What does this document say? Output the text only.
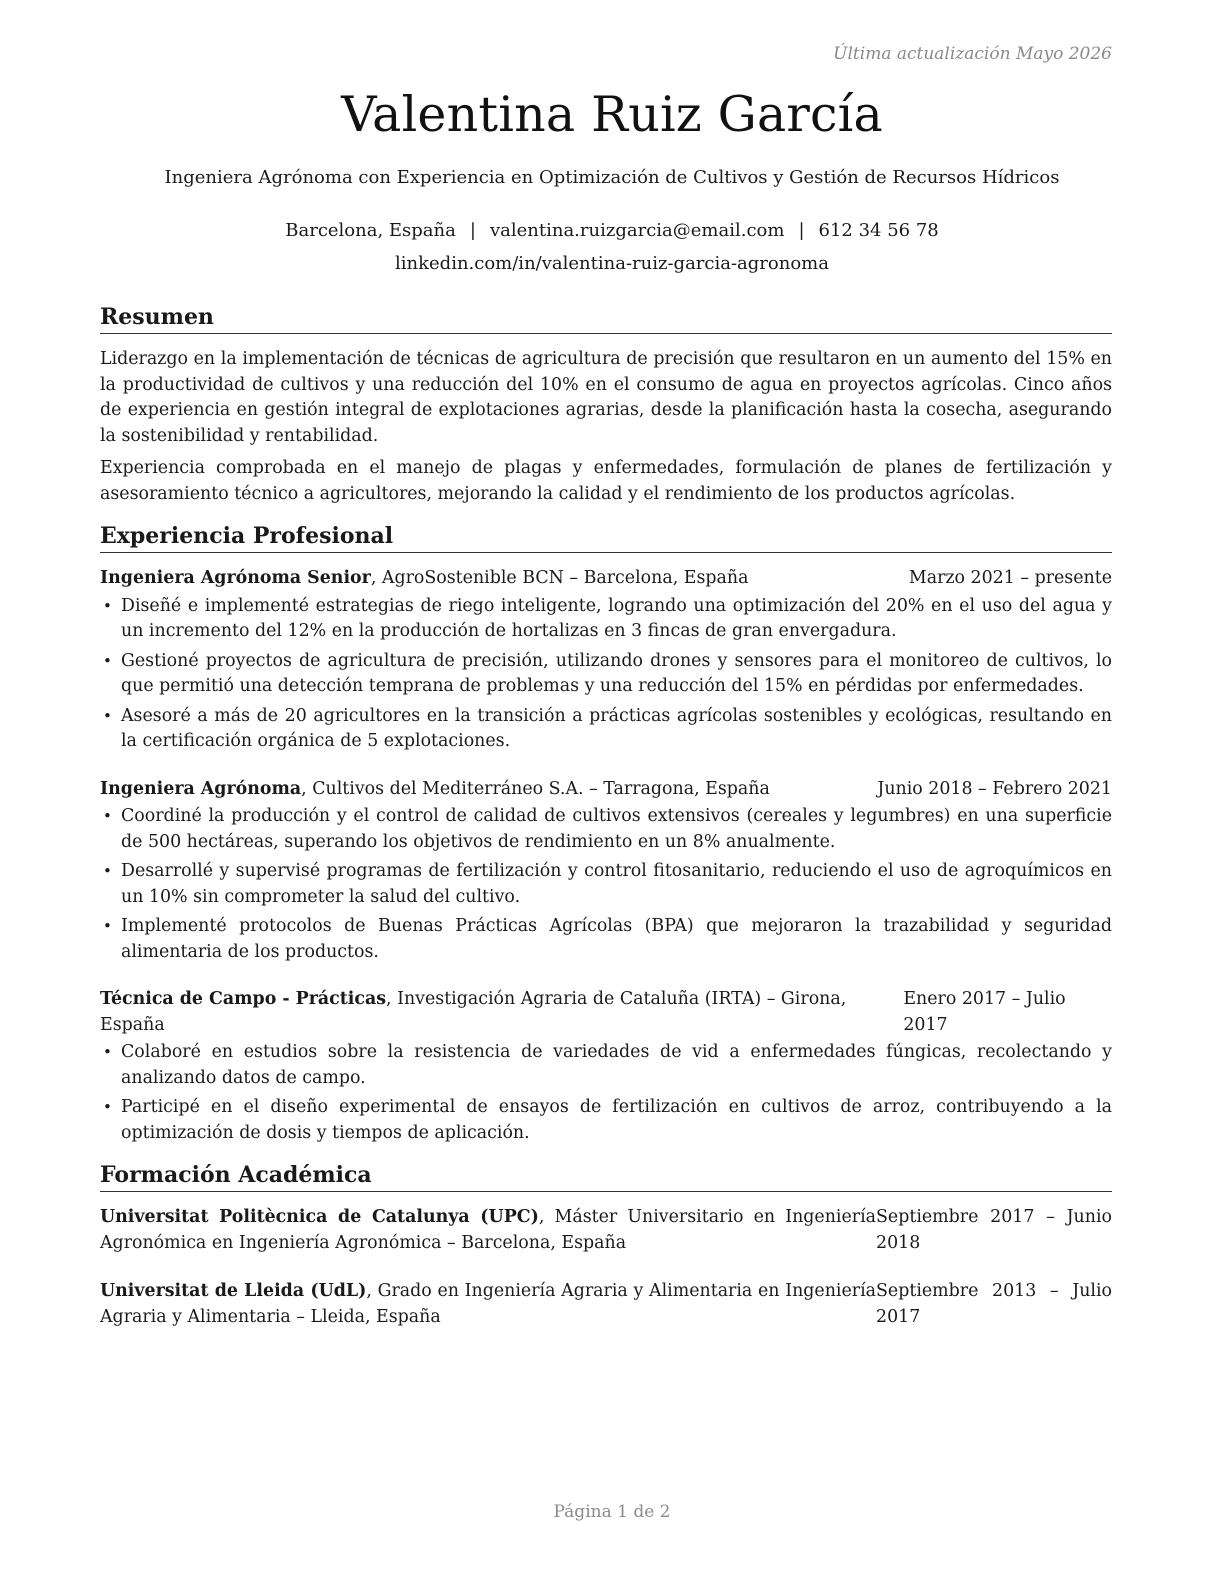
Última actualización Mayo 2026
Valentina Ruiz García
Ingeniera Agrónoma con Experiencia en Optimización de Cultivos y Gestión de Recursos Hídricos
Barcelona, España | valentina.ruizgarcia@email.com | 612 34 56 78
linkedin.com/in/valentina-ruiz-garcia-agronoma
Resumen

Liderazgo en la implementación de técnicas de agricultura de precisión que resultaron en un aumento del 15% en la productividad de cultivos y una reducción del 10% en el consumo de agua en proyectos agrícolas. Cinco años de experiencia en gestión integral de explotaciones agrarias, desde la planificación hasta la cosecha, asegurando la sostenibilidad y rentabilidad.

Experiencia comprobada en el manejo de plagas y enfermedades, formulación de planes de fertilización y asesoramiento técnico a agricultores, mejorando la calidad y el rendimiento de los productos agrícolas.

Experiencia Profesional
Ingeniera Agrónoma Senior, AgroSostenible BCN – Barcelona, España	Marzo 2021 – presente
• Diseñé e implementé estrategias de riego inteligente, logrando una optimización del 20% en el uso del agua y un incremento del 12% en la producción de hortalizas en 3 fincas de gran envergadura.
• Gestioné proyectos de agricultura de precisión, utilizando drones y sensores para el monitoreo de cultivos, lo que permitió una detección temprana de problemas y una reducción del 15% en pérdidas por enfermedades.
• Asesoré a más de 20 agricultores en la transición a prácticas agrícolas sostenibles y ecológicas, resultando en la certificación orgánica de 5 explotaciones.
Ingeniera Agrónoma, Cultivos del Mediterráneo S.A. – Tarragona, España	Junio 2018 – Febrero 2021
• Coordiné la producción y el control de calidad de cultivos extensivos (cereales y legumbres) en una superficie de 500 hectáreas, superando los objetivos de rendimiento en un 8% anualmente.
• Desarrollé y supervisé programas de fertilización y control fitosanitario, reduciendo el uso de agroquímicos en un 10% sin comprometer la salud del cultivo.
• Implementé protocolos de Buenas Prácticas Agrícolas (BPA) que mejoraron la trazabilidad y seguridad alimentaria de los productos.
Técnica de Campo - Prácticas, Investigación Agraria de Cataluña (IRTA) – Girona, España
Enero 2017 – Julio 2017
• Colaboré en estudios sobre la resistencia de variedades de vid a enfermedades fúngicas, recolectando y analizando datos de campo.
• Participé en el diseño experimental de ensayos de fertilización en cultivos de arroz, contribuyendo a la optimización de dosis y tiempos de aplicación.
Formación Académica
Universitat Politècnica de Catalunya (UPC), Máster Universitario en Ingeniería Agronómica en Ingeniería Agronómica – Barcelona, España
Septiembre 2017 – Junio 2018
Universitat de Lleida (UdL), Grado en Ingeniería Agraria y Alimentaria en Ingeniería Agraria y Alimentaria – Lleida, España
Septiembre 2013 – Julio 2017
Página 1 de 2
